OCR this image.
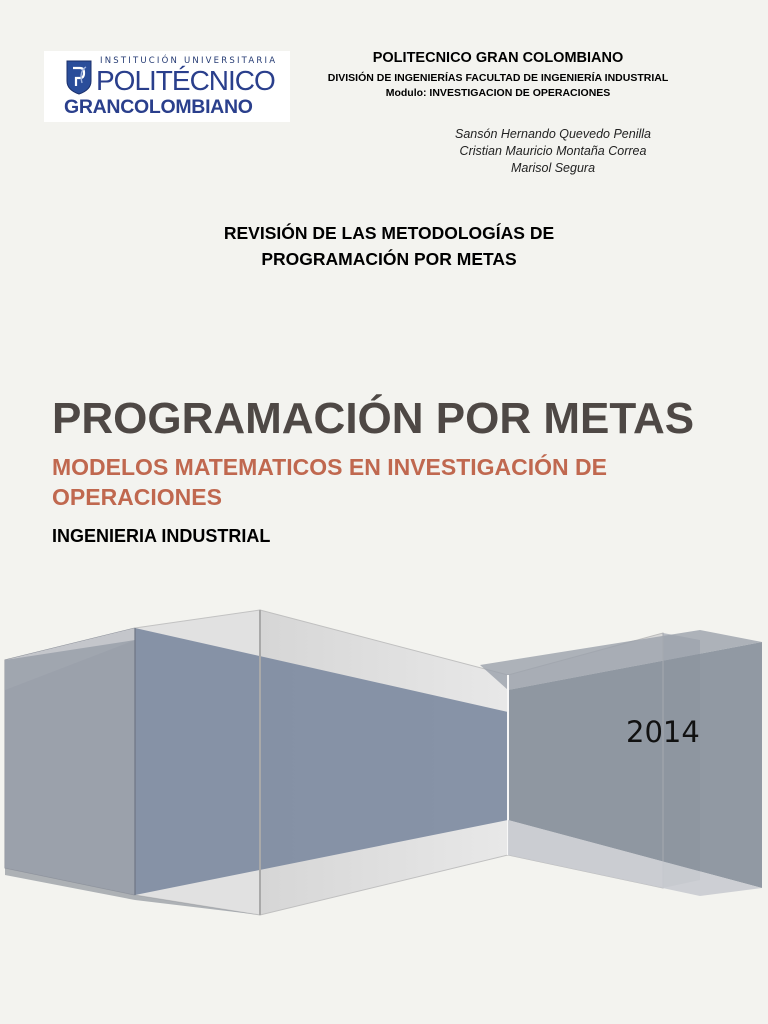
INSTITUCIÓN UNIVERSITARIA
POLITÉCNICO
GRANCOLOMBIANO
POLITECNICO GRAN COLOMBIANO
DIVISIÓN DE INGENIERÍAS FACULTAD DE INGENIERÍA INDUSTRIAL
Modulo: INVESTIGACION DE OPERACIONES
Sansón Hernando Quevedo Penilla
Cristian Mauricio Montaña Correa
Marisol Segura
REVISIÓN DE LAS METODOLOGÍAS DE
PROGRAMACIÓN POR METAS
PROGRAMACIÓN POR METAS
MODELOS MATEMATICOS EN INVESTIGACIÓN DE
OPERACIONES
INGENIERIA INDUSTRIAL
2014
